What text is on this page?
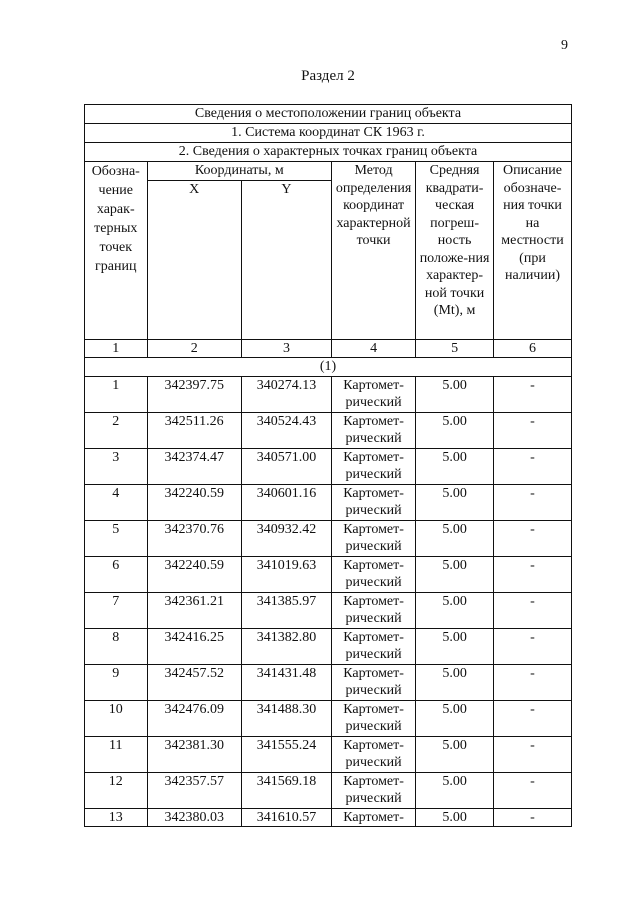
9
Раздел 2
Сведения о местоположении границ объекта					
1. Система координат СК 1963 г.					
2. Сведения о характерных точках границ объекта					
Обозна-чение харак-терных точек границ	Координаты, м		Метод определения координат характерной точки	Средняя квадрати-ческая погреш-ность положе-ния характер-ной точки (Mt), м	Описание обозначе-ния точки на местности (при наличии)
	X	Y			
1	2	3	4	5	6
(1)					
1	342397.75	340274.13	Картомет-рический	5.00	-
2	342511.26	340524.43	Картомет-рический	5.00	-
3	342374.47	340571.00	Картомет-рический	5.00	-
4	342240.59	340601.16	Картомет-рический	5.00	-
5	342370.76	340932.42	Картомет-рический	5.00	-
6	342240.59	341019.63	Картомет-рический	5.00	-
7	342361.21	341385.97	Картомет-рический	5.00	-
8	342416.25	341382.80	Картомет-рический	5.00	-
9	342457.52	341431.48	Картомет-рический	5.00	-
10	342476.09	341488.30	Картомет-рический	5.00	-
11	342381.30	341555.24	Картомет-рический	5.00	-
12	342357.57	341569.18	Картомет-рический	5.00	-
13	342380.03	341610.57	Картомет-	5.00	-
